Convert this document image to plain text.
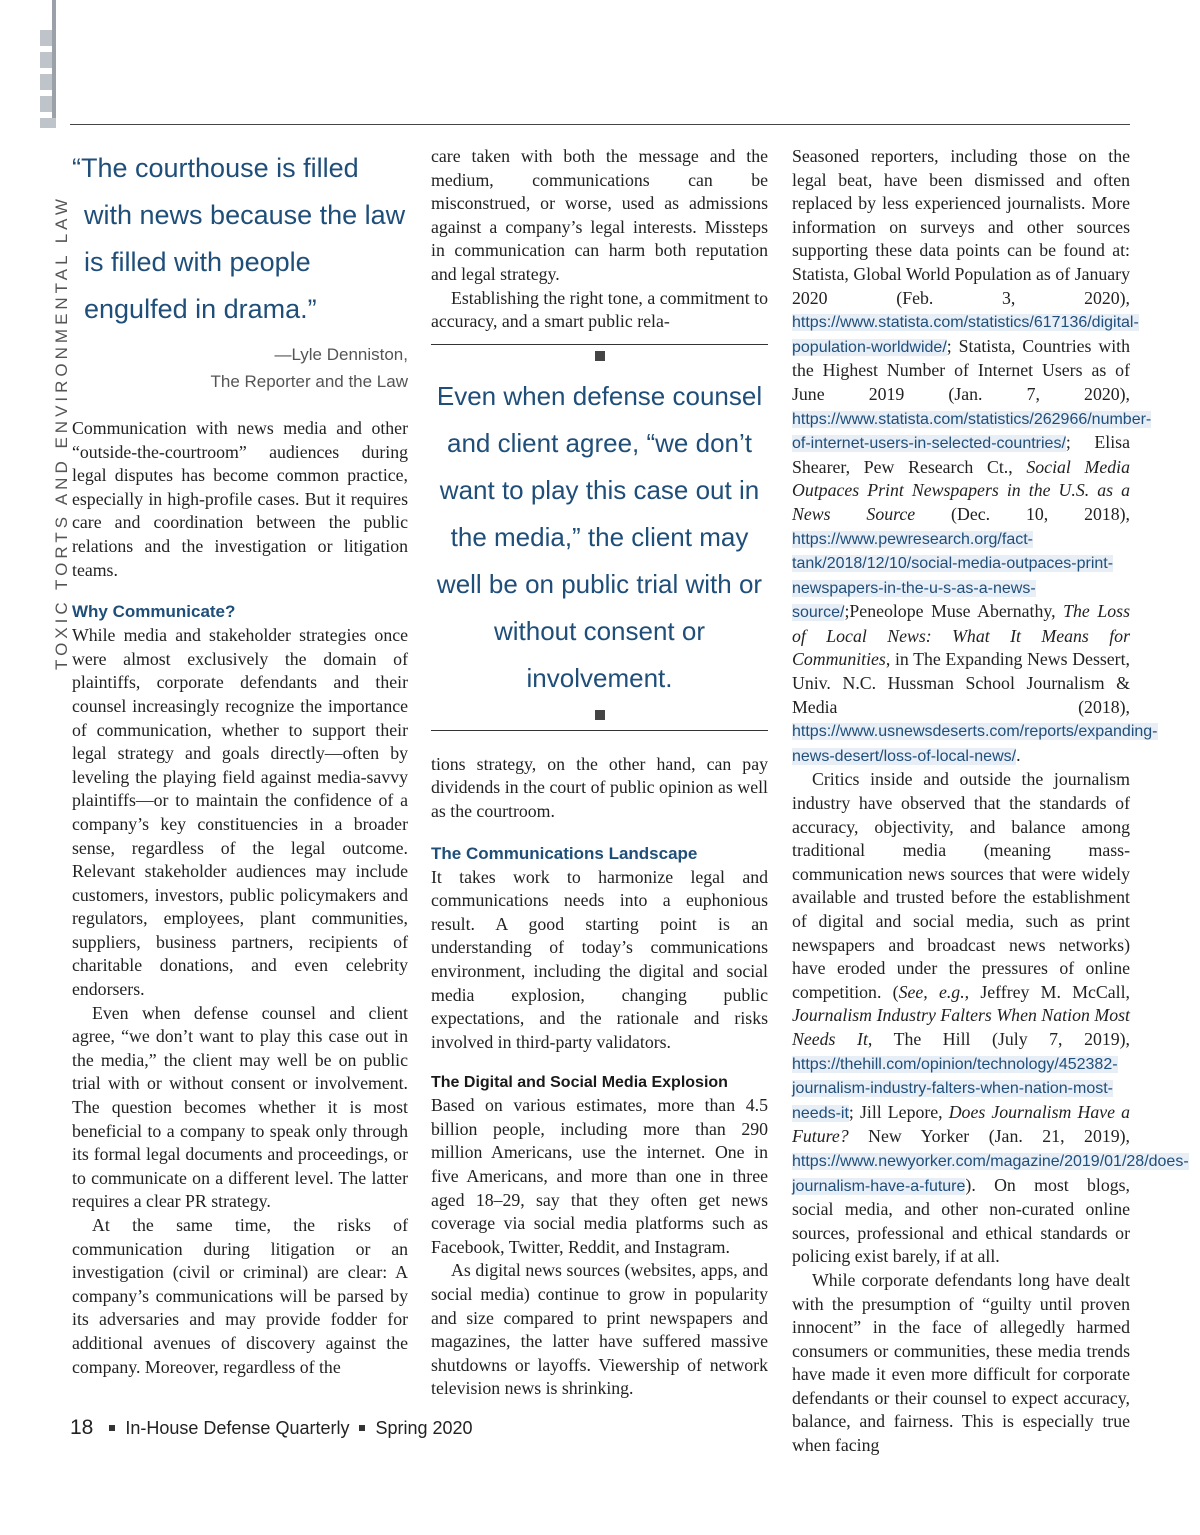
TOXIC TORTS AND ENVIRONMENTAL LAW

“The courthouse is filled with news because the law is filled with people engulfed in drama.”

—Lyle Denniston,
The Reporter and the Law

Communication with news media and other “outside-the-courtroom” audiences during legal disputes has become common practice, especially in high-profile cases. But it requires care and coordination between the public relations and the investigation or litigation teams.

Why Communicate?

While media and stakeholder strategies once were almost exclusively the domain of plaintiffs, corporate defendants and their counsel increasingly recognize the importance of communication, whether to support their legal strategy and goals directly—often by leveling the playing field against media-savvy plaintiffs—or to maintain the confidence of a company’s key constituencies in a broader sense, regardless of the legal outcome. Relevant stakeholder audiences may include customers, investors, public policymakers and regulators, employees, plant communities, suppliers, business partners, recipients of charitable donations, and even celebrity endorsers.

Even when defense counsel and client agree, “we don’t want to play this case out in the media,” the client may well be on public trial with or without consent or involvement. The question becomes whether it is most beneficial to a company to speak only through its formal legal documents and proceedings, or to communicate on a different level. The latter requires a clear PR strategy.

At the same time, the risks of communication during litigation or an investigation (civil or criminal) are clear: A company’s communications will be parsed by its adversaries and may provide fodder for additional avenues of discovery against the company. Moreover, regardless of the

care taken with both the message and the medium, communications can be misconstrued, or worse, used as admissions against a company’s legal interests. Missteps in communication can harm both reputation and legal strategy.

Establishing the right tone, a commitment to accuracy, and a smart public rela-

Even when defense counsel and client agree, “we don’t want to play this case out in the media,” the client may well be on public trial with or without consent or involvement.

tions strategy, on the other hand, can pay dividends in the court of public opinion as well as the courtroom.

The Communications Landscape

It takes work to harmonize legal and communications needs into a euphonious result. A good starting point is an understanding of today’s communications environment, including the digital and social media explosion, changing public expectations, and the rationale and risks involved in third-party validators.

The Digital and Social Media Explosion

Based on various estimates, more than 4.5 billion people, including more than 290 million Americans, use the internet. One in five Americans, and more than one in three aged 18–29, say that they often get news coverage via social media platforms such as Facebook, Twitter, Reddit, and Instagram.

As digital news sources (websites, apps, and social media) continue to grow in popularity and size compared to print newspapers and magazines, the latter have suffered massive shutdowns or layoffs. Viewership of network television news is shrinking.

Seasoned reporters, including those on the legal beat, have been dismissed and often replaced by less experienced journalists. More information on surveys and other sources supporting these data points can be found at: Statista, Global World Population as of January 2020 (Feb. 3, 2020), https://www.statista.com/statistics/617136/digital-population-worldwide/; Statista, Countries with the Highest Number of Internet Users as of June 2019 (Jan. 7, 2020), https://www.statista.com/statistics/262966/number-of-internet-users-in-selected-countries/; Elisa Shearer, Pew Research Ct., Social Media Outpaces Print Newspapers in the U.S. as a News Source (Dec. 10, 2018), https://www.pewresearch.org/fact-tank/2018/12/10/social-media-outpaces-print-newspapers-in-the-u-s-as-a-news-source/;Peneolope Muse Abernathy, The Loss of Local News: What It Means for Communities, in The Expanding News Dessert, Univ. N.C. Hussman School Journalism & Media (2018), https://www.usnewsdeserts.com/reports/expanding-news-desert/loss-of-local-news/.

Critics inside and outside the journalism industry have observed that the standards of accuracy, objectivity, and balance among traditional media (meaning mass-communication news sources that were widely available and trusted before the establishment of digital and social media, such as print newspapers and broadcast news networks) have eroded under the pressures of online competition. (See, e.g., Jeffrey M. McCall, Journalism Industry Falters When Nation Most Needs It, The Hill (July 7, 2019), https://thehill.com/opinion/technology/452382-journalism-industry-falters-when-nation-most-needs-it; Jill Lepore, Does Journalism Have a Future? New Yorker (Jan. 21, 2019), https://www.newyorker.com/magazine/2019/01/28/does-journalism-have-a-future). On most blogs, social media, and other non-curated online sources, professional and ethical standards or policing exist barely, if at all.

While corporate defendants long have dealt with the presumption of “guilty until proven innocent” in the face of allegedly harmed consumers or communities, these media trends have made it even more difficult for corporate defendants or their counsel to expect accuracy, balance, and fairness. This is especially true when facing

18 In-House Defense Quarterly Spring 2020
